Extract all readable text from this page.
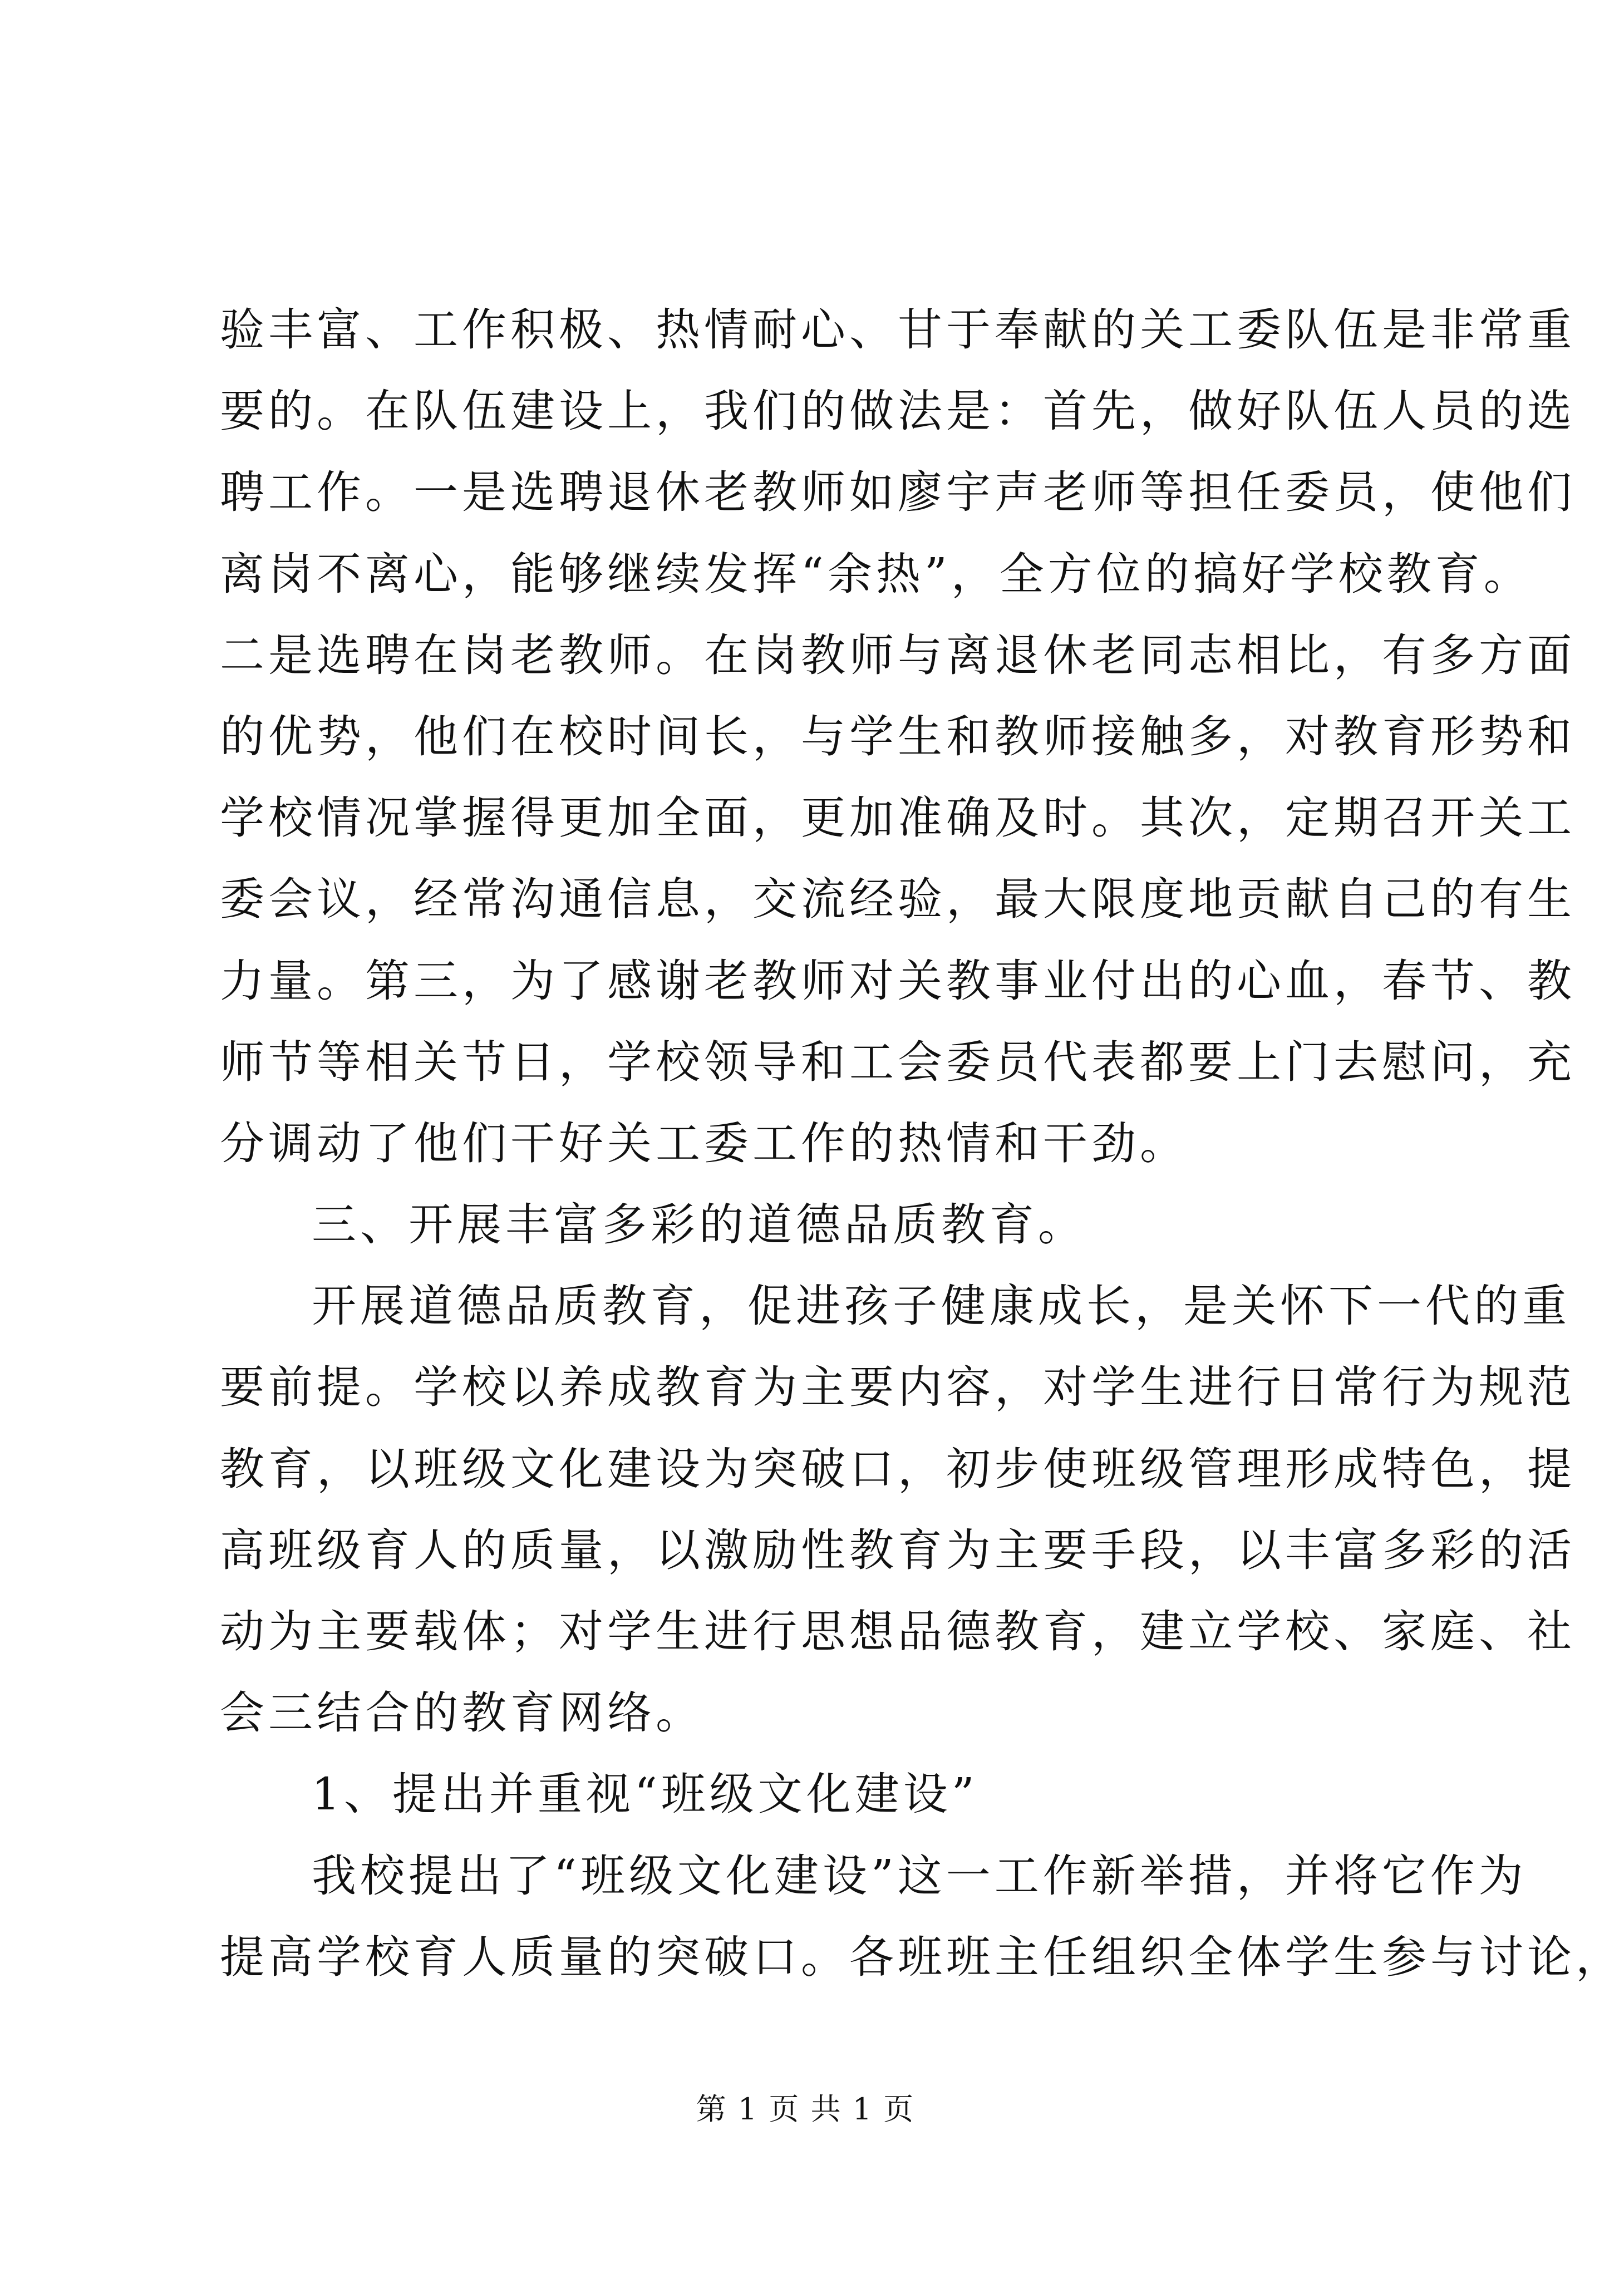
验丰富、工作积极、热情耐心、甘于奉献的关工委队伍是非常重
要的。在队伍建设上，我们的做法是：首先，做好队伍人员的选
聘工作。一是选聘退休老教师如廖宇声老师等担任委员，使他们
离岗不离心，能够继续发挥“余热”，全方位的搞好学校教育。
二是选聘在岗老教师。在岗教师与离退休老同志相比，有多方面
的优势，他们在校时间长，与学生和教师接触多，对教育形势和
学校情况掌握得更加全面，更加准确及时。其次，定期召开关工
委会议，经常沟通信息，交流经验，最大限度地贡献自己的有生
力量。第三，为了感谢老教师对关教事业付出的心血，春节、教
师节等相关节日，学校领导和工会委员代表都要上门去慰问，充
分调动了他们干好关工委工作的热情和干劲。
三、开展丰富多彩的道德品质教育。
开展道德品质教育，促进孩子健康成长，是关怀下一代的重
要前提。学校以养成教育为主要内容，对学生进行日常行为规范
教育，以班级文化建设为突破口，初步使班级管理形成特色，提
高班级育人的质量，以激励性教育为主要手段，以丰富多彩的活
动为主要载体；对学生进行思想品德教育，建立学校、家庭、社
会三结合的教育网络。
1、提出并重视“班级文化建设”
我校提出了“班级文化建设”这一工作新举措，并将它作为
提高学校育人质量的突破口。各班班主任组织全体学生参与讨论，
第 1 页 共 1 页
